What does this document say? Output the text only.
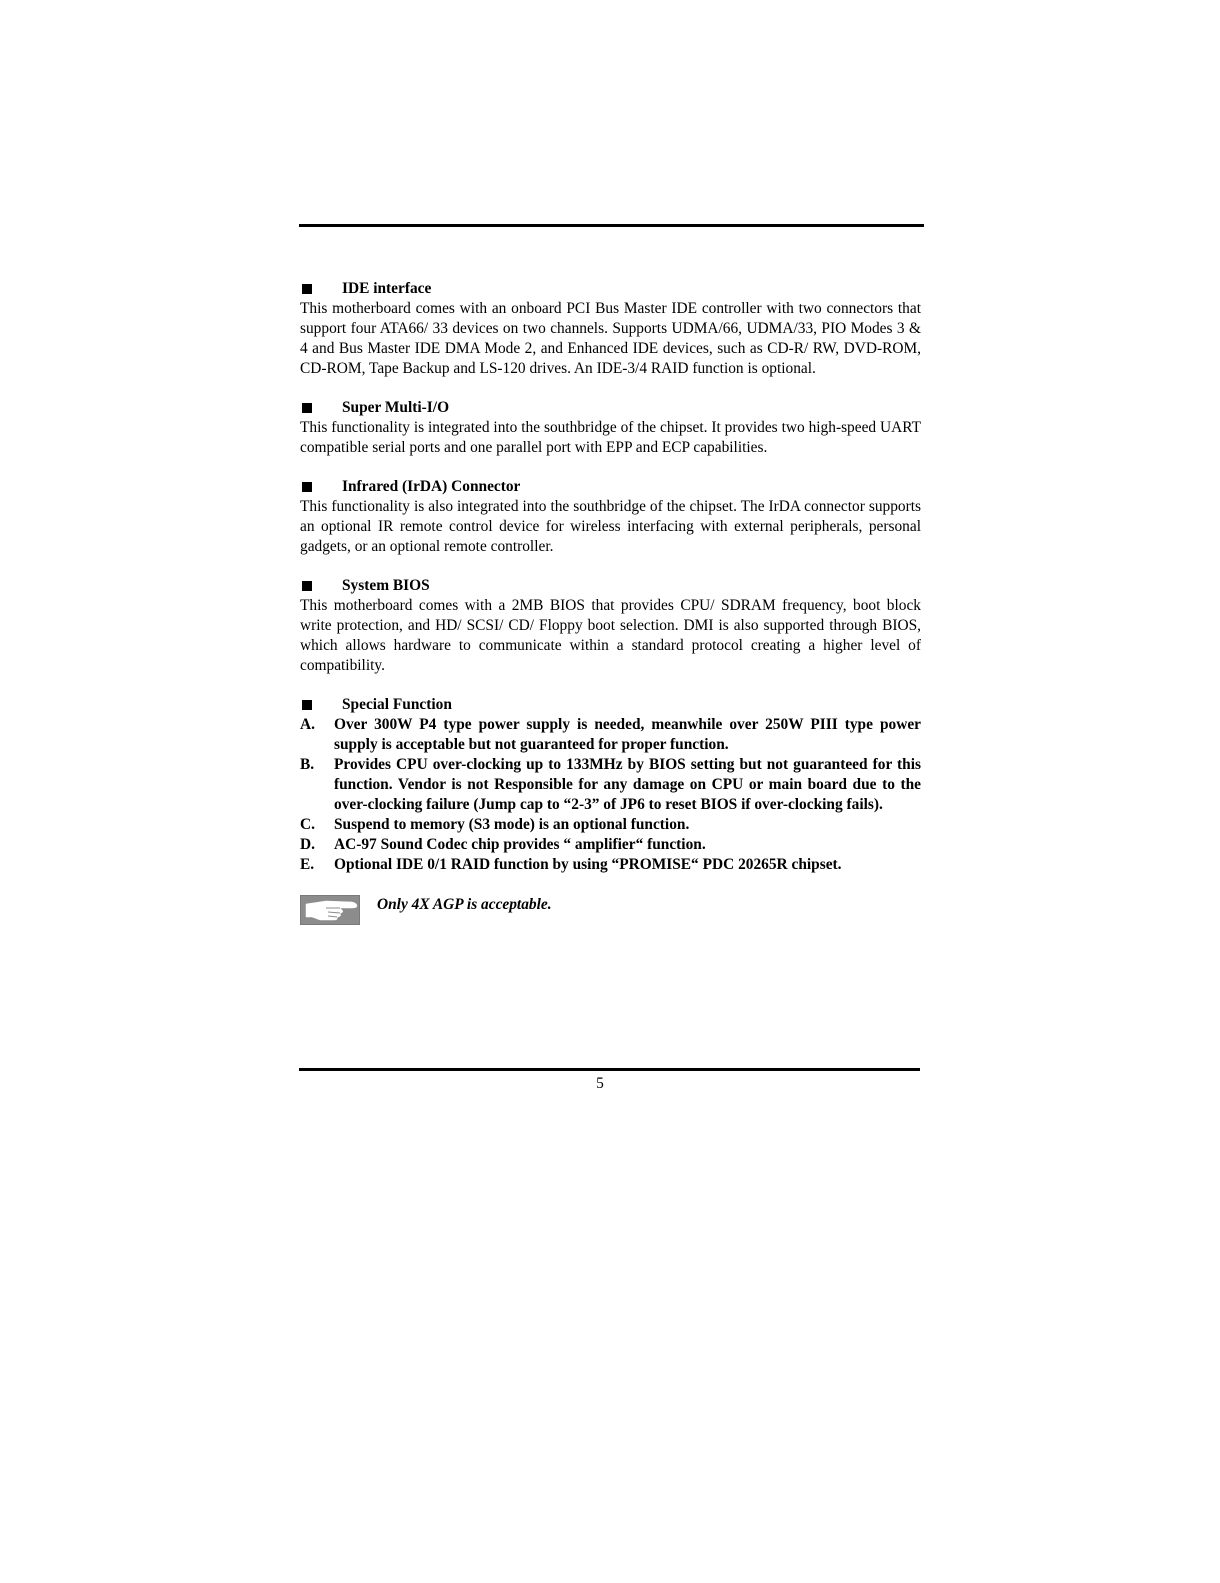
IDE interface

This motherboard comes with an onboard PCI Bus Master IDE controller with two connectors that support four ATA66/ 33 devices on two channels. Supports UDMA/66, UDMA/33, PIO Modes 3 & 4 and Bus Master IDE DMA Mode 2, and Enhanced IDE devices, such as CD-R/ RW, DVD-ROM, CD-ROM, Tape Backup and LS-120 drives. An IDE-3/4 RAID function is optional.

Super Multi-I/O

This functionality is integrated into the southbridge of the chipset. It provides two high-speed UART compatible serial ports and one parallel port with EPP and ECP capabilities.

Infrared (IrDA) Connector

This functionality is also integrated into the southbridge of the chipset. The IrDA connector supports an optional IR remote control device for wireless interfacing with external peripherals, personal gadgets, or an optional remote controller.

System BIOS

This motherboard comes with a 2MB BIOS that provides CPU/ SDRAM frequency, boot block write protection, and HD/ SCSI/ CD/ Floppy boot selection. DMI is also supported through BIOS, which allows hardware to communicate within a standard protocol creating a higher level of compatibility.

Special Function
A.	Over 300W P4 type power supply is needed, meanwhile over 250W PIII type power supply is acceptable but not guaranteed for proper function.
B.	Provides CPU over-clocking up to 133MHz by BIOS setting but not guaranteed for this function. Vendor is not Responsible for any damage on CPU or main board due to the over-clocking failure (Jump cap to “2-3” of JP6 to reset BIOS if over-clocking fails).
C.	Suspend to memory (S3 mode) is an optional function.
D.	AC-97 Sound Codec chip provides “ amplifier“ function.
E.	Optional IDE 0/1 RAID function by using “PROMISE“ PDC 20265R chipset.
Only 4X AGP is acceptable.
5
